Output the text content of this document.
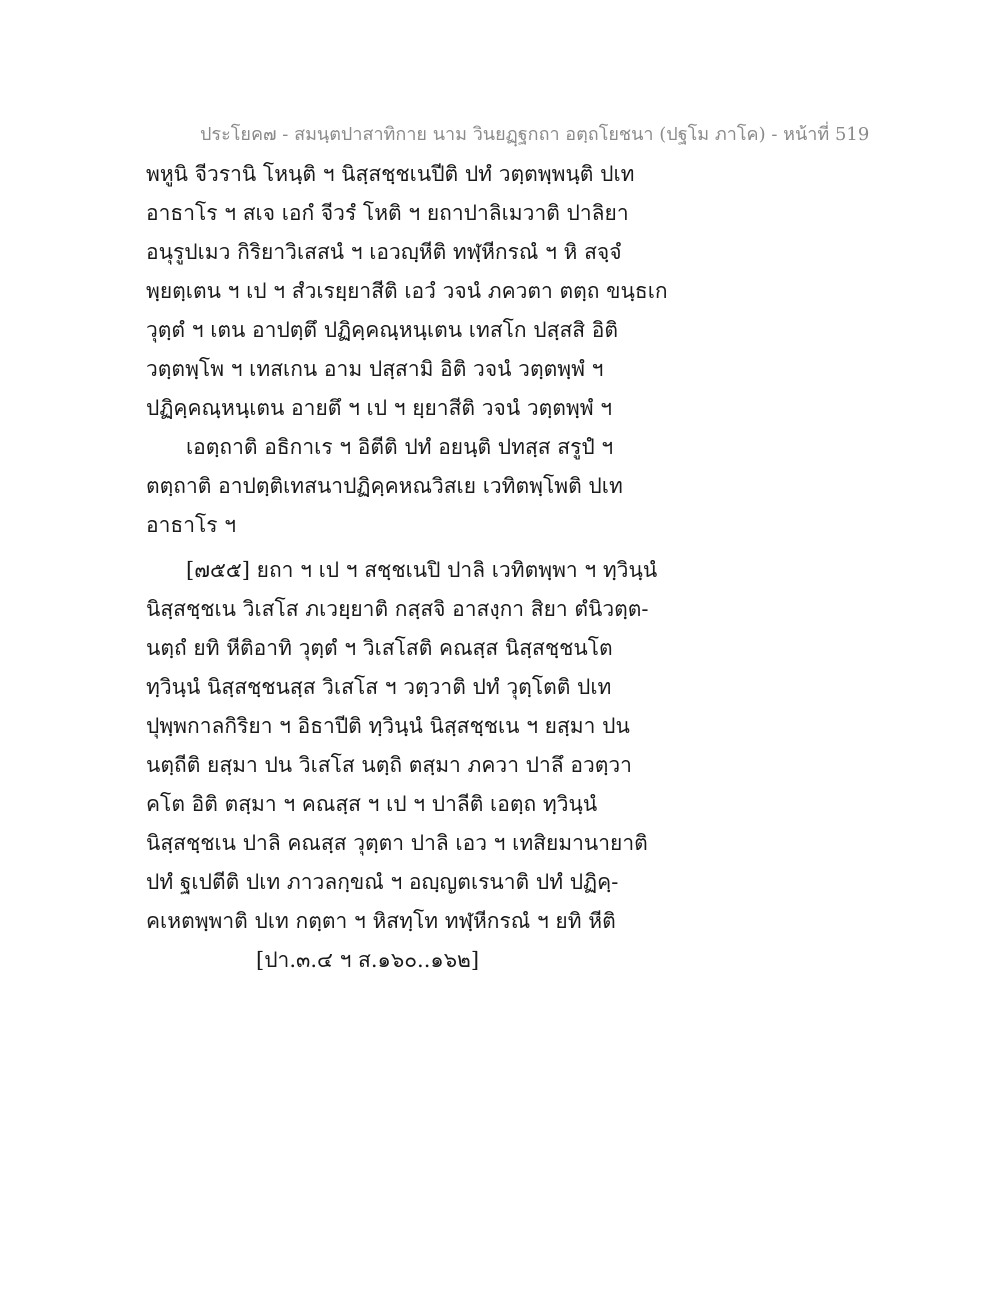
ประโยค๗ - สมนฺตปาสาทิกาย นาม วินยฏฺฐกถา อตฺถโยชนา (ปฐโม ภาโค) - หน้าที่ 519
พหูนิ จีวรานิ โหนฺติ ฯ นิสฺสชฺชเนปีติ ปทํ วตฺตพฺพนฺติ ปเท
อาธาโร ฯ สเจ เอกํ จีวรํ โหติ ฯ ยถาปาลิเมวาติ ปาลิยา
อนุรูปเมว กิริยาวิเสสนํ ฯ เอวญฺหีติ ทฬฺหีกรณํ ฯ หิ สจฺจํ
พฺยตฺเตน ฯ เป ฯ สํวเรยฺยาสีติ เอวํ วจนํ ภควตา ตตฺถ ขนฺธเก
วุตฺตํ ฯ เตน อาปตฺตึ ปฏิคฺคณฺหนฺเตน เทสโก ปสฺสสิ อิติ
วตฺตพฺโพ ฯ เทสเกน อาม ปสฺสามิ อิติ วจนํ วตฺตพฺพํ ฯ
ปฏิคฺคณฺหนฺเตน อายตึ ฯ เป ฯ ยฺยาสีติ วจนํ วตฺตพฺพํ ฯ
เอตฺถาติ อธิกาเร ฯ อิตีติ ปทํ อยนฺติ ปทสฺส สรูปํ ฯ
ตตฺถาติ อาปตฺติเทสนาปฏิคฺคหณวิสเย เวทิตพฺโพติ ปเท
อาธาโร ฯ
[๗๕๕] ยถา ฯ เป ฯ สชฺชเนปิ ปาลิ เวทิตพฺพา ฯ ทฺวินฺนํ
นิสฺสชฺชเน วิเสโส ภเวยฺยาติ กสฺสจิ อาสงฺกา สิยา ตํนิวตฺต-
นตฺถํ ยทิ หีติอาทิ วุตฺตํ ฯ วิเสโสติ คณสฺส นิสฺสชฺชนโต
ทฺวินฺนํ นิสฺสชฺชนสฺส วิเสโส ฯ วตฺวาติ ปทํ วุตฺโตติ ปเท
ปุพฺพกาลกิริยา ฯ อิธาปีติ ทฺวินฺนํ นิสฺสชฺชเน ฯ ยสฺมา ปน
นตฺถีติ ยสฺมา ปน วิเสโส นตฺถิ ตสฺมา ภควา ปาลึ อวตฺวา
คโต อิติ ตสฺมา ฯ คณสฺส ฯ เป ฯ ปาลีติ เอตฺถ ทฺวินฺนํ
นิสฺสชฺชเน ปาลิ คณสฺส วุตฺตา ปาลิ เอว ฯ เทสิยมานายาติ
ปทํ ฐเปตีติ ปเท ภาวลกฺขณํ ฯ อญฺญตเรนาติ ปทํ ปฏิคฺ-
คเหตพฺพาติ ปเท กตฺตา ฯ หิสทฺโท ทฬฺหีกรณํ ฯ ยทิ หีติ
[ปา.๓.๔ ฯ ส.๑๖๐..๑๖๒]
